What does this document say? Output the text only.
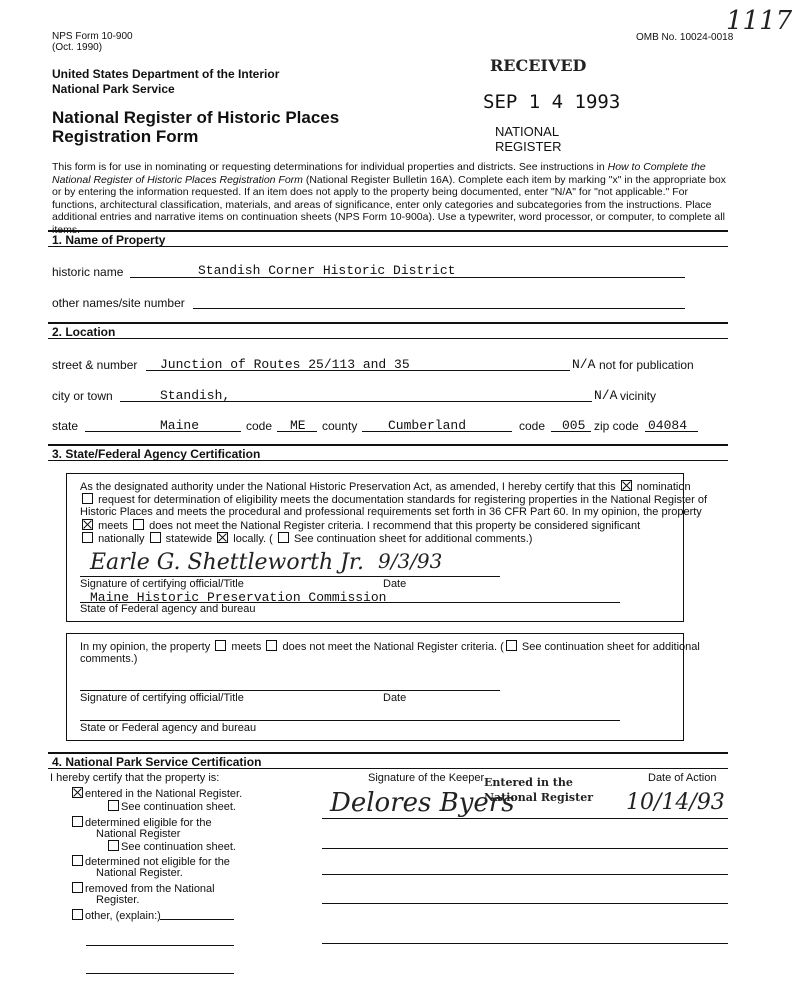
NPS Form 10-900
(Oct. 1990)
OMB No. 10024-0018
1117
United States Department of the Interior
National Park Service
National Register of Historic Places
Registration Form
RECEIVED
SEP 1 4 1993
NATIONAL
REGISTER
This form is for use in nominating or requesting determinations for individual properties and districts. See instructions in How to Complete the National Register of Historic Places Registration Form (National Register Bulletin 16A). Complete each item by marking "x" in the appropriate box or by entering the information requested. If an item does not apply to the property being documented, enter "N/A" for "not applicable." For functions, architectural classification, materials, and areas of significance, enter only categories and subcategories from the instructions. Place additional entries and narrative items on continuation sheets (NPS Form 10-900a). Use a typewriter, word processor, or computer, to complete all items.
1. Name of Property
historic name	Standish Corner Historic District
other names/site number
2. Location
street & number Junction of Routes 25/113 and 35	N/A not for publication
city or town	Standish,	N/A vicinity
state	Maine	code ME county Cumberland	code 005 zip code 04084
3. State/Federal Agency Certification
As the designated authority under the National Historic Preservation Act, as amended, I hereby certify that this nomination
request for determination of eligibility meets the documentation standards for registering properties in the National Register of
Historic Places and meets the procedural and professional requirements set forth in 36 CFR Part 60. In my opinion, the property
meets does not meet the National Register criteria. I recommend that this property be considered significant
nationally statewide locally. ( See continuation sheet for additional comments.)
Earle G. Shettleworth Jr. 9/3/93
Signature of certifying official/Title	Date
Maine Historic Preservation Commission
State of Federal agency and bureau
In my opinion, the property meets does not meet the National Register criteria. ( See continuation sheet for additional
comments.)
Signature of certifying official/Title	Date
State or Federal agency and bureau
4. National Park Service Certification
I hereby certify that the property is:	Signature of the Keeper	Date of Action
Entered in the
National Register
Delores Byers	10/14/93
entered in the National Register.
See continuation sheet.
determined eligible for the
National Register
See continuation sheet.
determined not eligible for the
National Register.
removed from the National
Register.
other, (explain:)
